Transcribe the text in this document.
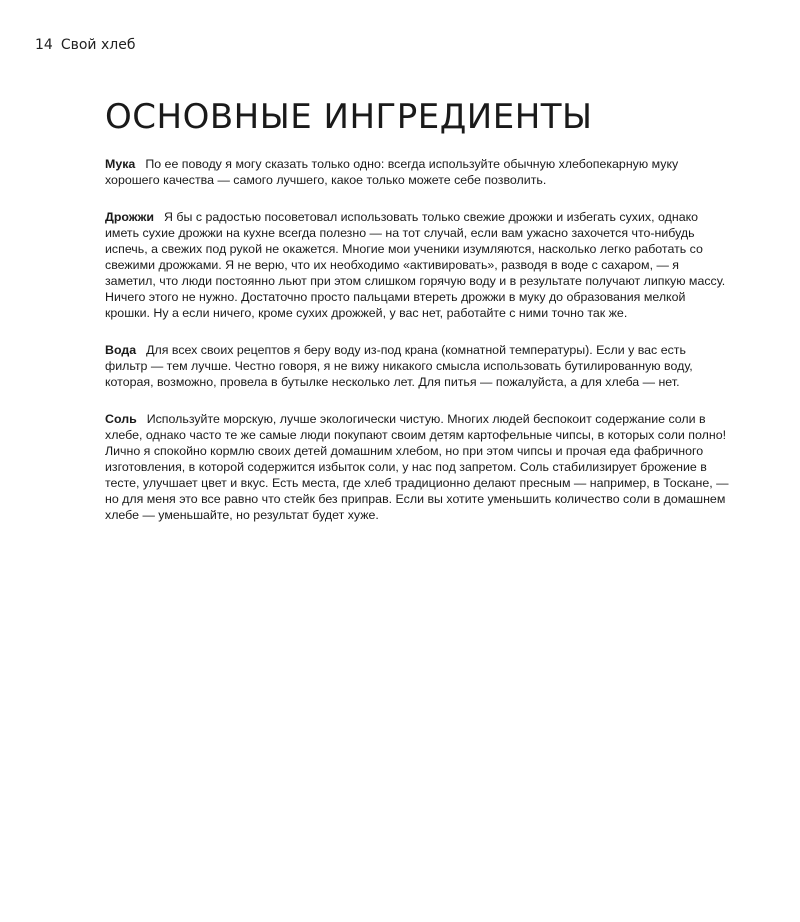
14 Свой хлеб
ОСНОВНЫЕ ИНГРЕДИЕНТЫ

Мука По ее поводу я могу сказать только одно: всегда используйте обычную хлебопекарную муку хорошего качества — самого лучшего, какое только можете себе позволить.

Дрожжи Я бы с радостью посоветовал использовать только свежие дрожжи и избегать сухих, однако иметь сухие дрожжи на кухне всегда полезно — на тот случай, если вам ужасно захочется что-нибудь испечь, а свежих под рукой не окажется. Многие мои ученики изумляются, насколько легко работать со свежими дрожжами. Я не верю, что их необходимо «активировать», разводя в воде с сахаром, — я заметил, что люди постоянно льют при этом слишком горячую воду и в результате получают липкую массу. Ничего этого не нужно. Достаточно просто пальцами втереть дрожжи в муку до образования мелкой крошки. Ну а если ничего, кроме сухих дрожжей, у вас нет, работайте с ними точно так же.

Вода Для всех своих рецептов я беру воду из-под крана (комнатной температуры). Если у вас есть фильтр — тем лучше. Честно говоря, я не вижу никакого смысла использовать бутилированную воду, которая, возможно, провела в бутылке несколько лет. Для питья — пожалуйста, а для хлеба — нет.

Соль Используйте морскую, лучше экологически чистую. Многих людей беспокоит содержание соли в хлебе, однако часто те же самые люди покупают своим детям картофельные чипсы, в которых соли полно! Лично я спокойно кормлю своих детей домашним хлебом, но при этом чипсы и прочая еда фабричного изготовления, в которой содержится избыток соли, у нас под запретом. Соль стабилизирует брожение в тесте, улучшает цвет и вкус. Есть места, где хлеб традиционно делают пресным — например, в Тоскане, — но для меня это все равно что стейк без приправ. Если вы хотите уменьшить количество соли в домашнем хлебе — уменьшайте, но результат будет хуже.
